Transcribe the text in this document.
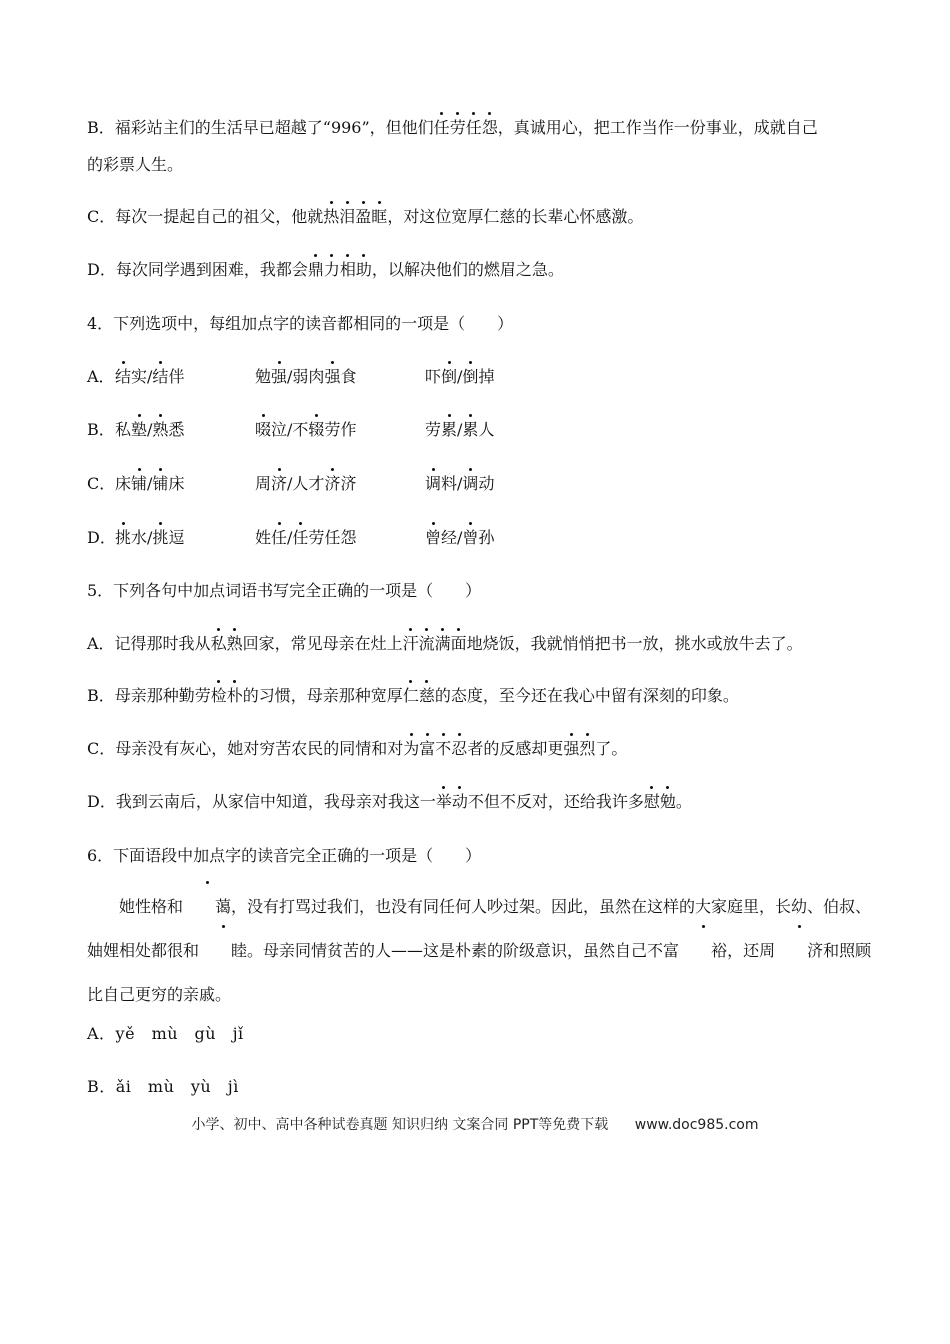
B．福彩站主们的生活早已超越了“996”，但他们任劳任怨，真诚用心，把工作当作一份事业，成就自己
的彩票人生。
C．每次一提起自己的祖父，他就热泪盈眶，对这位宽厚仁慈的长辈心怀感激。
D．每次同学遇到困难，我都会鼎力相助，以解决他们的燃眉之急。
4．下列选项中，每组加点字的读音都相同的一项是（　　）
A． 结实/结伴	勉强/弱肉强食	吓倒/倒掉
B． 私塾/熟悉	啜泣/不辍劳作	劳累/累人
C． 床铺/铺床	周济/人才济济	调料/调动
D． 挑水/挑逗	姓任/任劳任怨	曾经/曾孙
5．下列各句中加点词语书写完全正确的一项是（　　）
A．记得那时我从私熟回家，常见母亲在灶上汗流满面地烧饭，我就悄悄把书一放，挑水或放牛去了。
B．母亲那种勤劳检朴的习惯，母亲那种宽厚仁慈的态度，至今还在我心中留有深刻的印象。
C．母亲没有灰心，她对穷苦农民的同情和对为富不忍者的反感却更强烈了。
D．我到云南后，从家信中知道，我母亲对我这一举动不但不反对，还给我许多慰勉。
6．下面语段中加点字的读音完全正确的一项是（　　）

她性格和 蔼，没有打骂过我们，也没有同任何人吵过架。因此，虽然在这样的大家庭里，长幼、伯叔、妯娌相处都很和 睦。母亲同情贫苦的人——这是朴素的阶级意识，虽然自己不富 裕，还周 济和照顾比自己更穷的亲戚。

A．yě　mù　gù　jǐ
B．ǎi　mù　yù　jì
小学、初中、高中各种试卷真题 知识归纳 文案合同 PPT等免费下载 www.doc985.com
